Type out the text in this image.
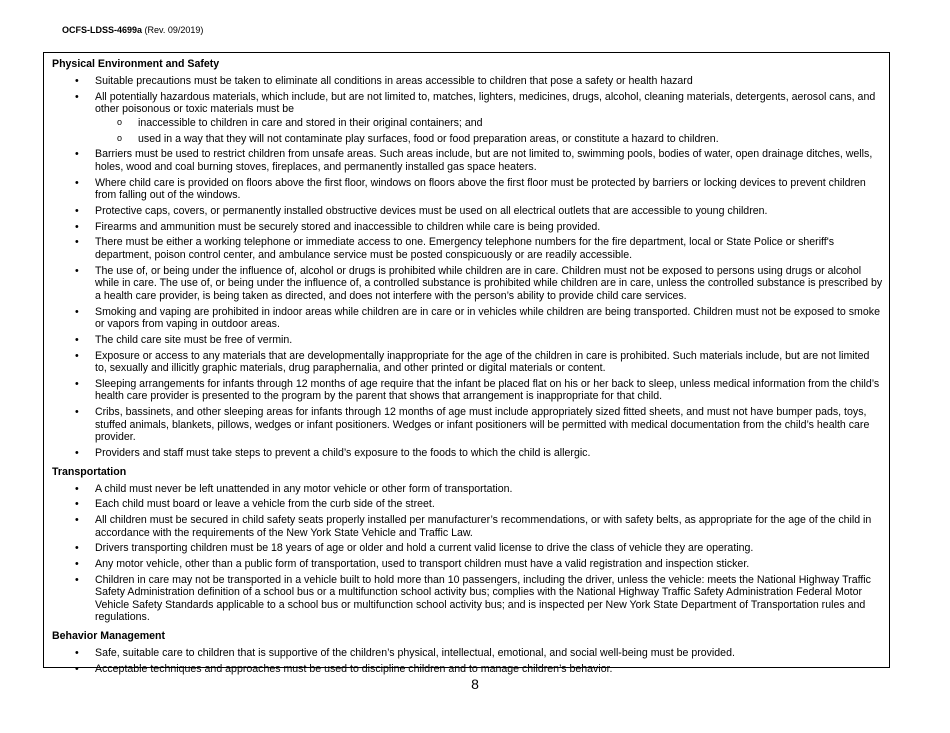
OCFS-LDSS-4699a (Rev. 09/2019)
Physical Environment and Safety
• Suitable precautions must be taken to eliminate all conditions in areas accessible to children that pose a safety or health hazard
• All potentially hazardous materials, which include, but are not limited to, matches, lighters, medicines, drugs, alcohol, cleaning materials, detergents, aerosol cans, and other poisonous or toxic materials must be
o inaccessible to children in care and stored in their original containers; and
o used in a way that they will not contaminate play surfaces, food or food preparation areas, or constitute a hazard to children.
• Barriers must be used to restrict children from unsafe areas. Such areas include, but are not limited to, swimming pools, bodies of water, open drainage ditches, wells, holes, wood and coal burning stoves, fireplaces, and permanently installed gas space heaters.
• Where child care is provided on floors above the first floor, windows on floors above the first floor must be protected by barriers or locking devices to prevent children from falling out of the windows.
• Protective caps, covers, or permanently installed obstructive devices must be used on all electrical outlets that are accessible to young children.
• Firearms and ammunition must be securely stored and inaccessible to children while care is being provided.
• There must be either a working telephone or immediate access to one. Emergency telephone numbers for the fire department, local or State Police or sheriff's department, poison control center, and ambulance service must be posted conspicuously or are readily accessible.
• The use of, or being under the influence of, alcohol or drugs is prohibited while children are in care. Children must not be exposed to persons using drugs or alcohol while in care. The use of, or being under the influence of, a controlled substance is prohibited while children are in care, unless the controlled substance is prescribed by a health care provider, is being taken as directed, and does not interfere with the person’s ability to provide child care services.
• Smoking and vaping are prohibited in indoor areas while children are in care or in vehicles while children are being transported. Children must not be exposed to smoke or vapors from vaping in outdoor areas.
• The child care site must be free of vermin.
• Exposure or access to any materials that are developmentally inappropriate for the age of the children in care is prohibited. Such materials include, but are not limited to, sexually and illicitly graphic materials, drug paraphernalia, and other printed or digital materials or content.
• Sleeping arrangements for infants through 12 months of age require that the infant be placed flat on his or her back to sleep, unless medical information from the child’s health care provider is presented to the program by the parent that shows that arrangement is inappropriate for that child.
• Cribs, bassinets, and other sleeping areas for infants through 12 months of age must include appropriately sized fitted sheets, and must not have bumper pads, toys, stuffed animals, blankets, pillows, wedges or infant positioners. Wedges or infant positioners will be permitted with medical documentation from the child’s health care provider.
• Providers and staff must take steps to prevent a child’s exposure to the foods to which the child is allergic.
Transportation
• A child must never be left unattended in any motor vehicle or other form of transportation.
• Each child must board or leave a vehicle from the curb side of the street.
• All children must be secured in child safety seats properly installed per manufacturer’s recommendations, or with safety belts, as appropriate for the age of the child in accordance with the requirements of the New York State Vehicle and Traffic Law.
• Drivers transporting children must be 18 years of age or older and hold a current valid license to drive the class of vehicle they are operating.
• Any motor vehicle, other than a public form of transportation, used to transport children must have a valid registration and inspection sticker.
• Children in care may not be transported in a vehicle built to hold more than 10 passengers, including the driver, unless the vehicle: meets the National Highway Traffic Safety Administration definition of a school bus or a multifunction school activity bus; complies with the National Highway Traffic Safety Administration Federal Motor Vehicle Safety Standards applicable to a school bus or multifunction school activity bus; and is inspected per New York State Department of Transportation rules and regulations.
Behavior Management
• Safe, suitable care to children that is supportive of the children’s physical, intellectual, emotional, and social well-being must be provided.
• Acceptable techniques and approaches must be used to discipline children and to manage children’s behavior.
8
